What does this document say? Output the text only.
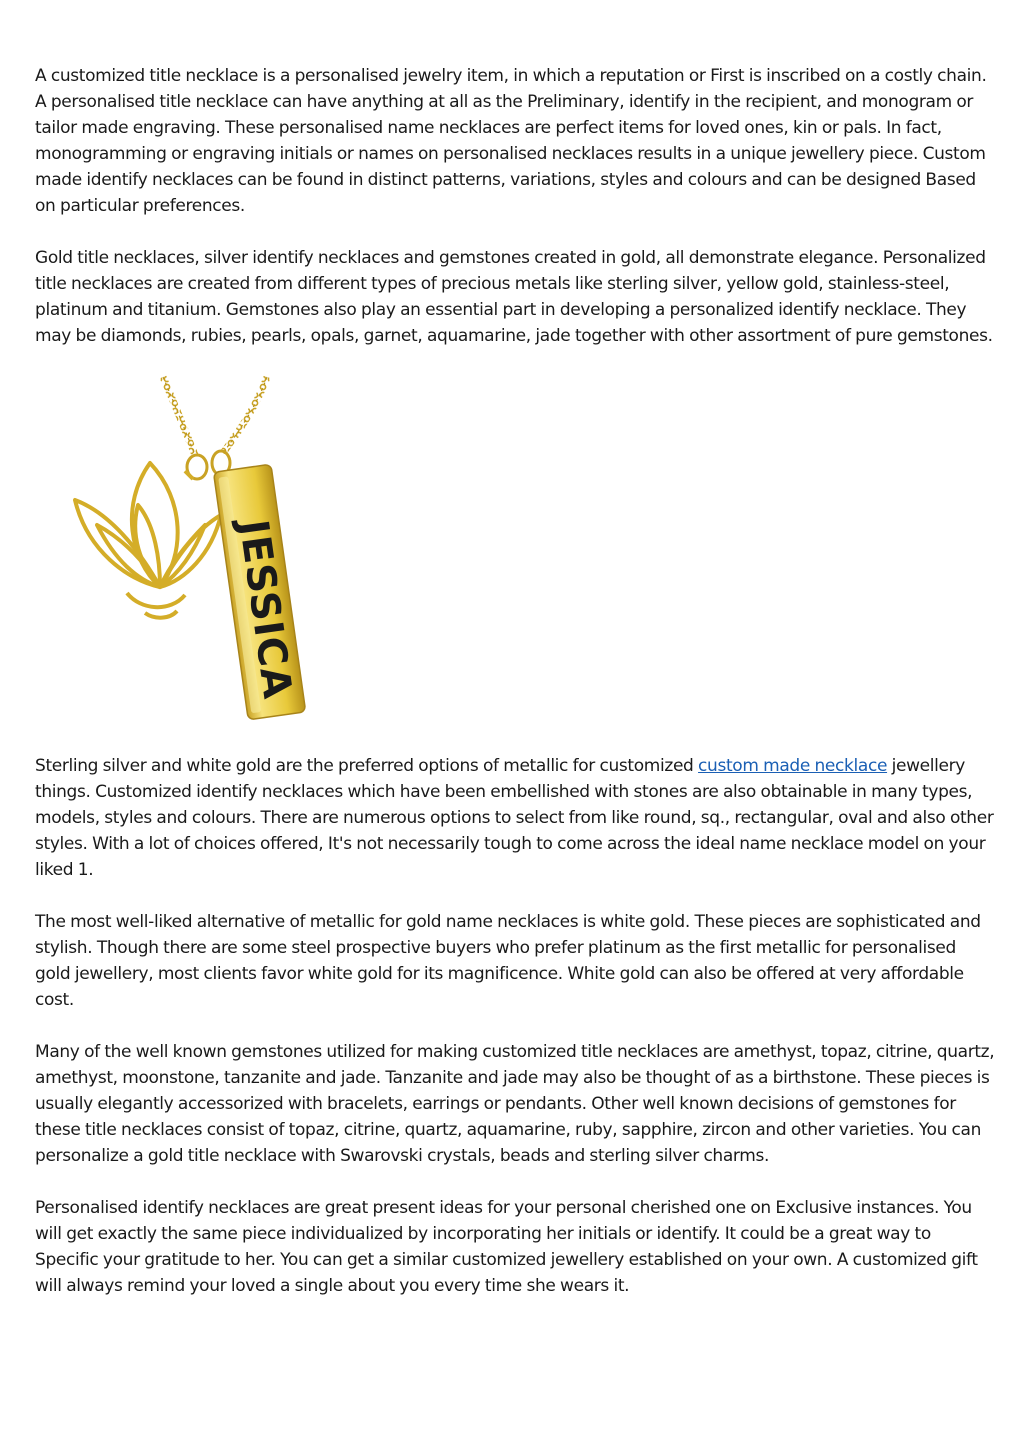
A customized title necklace is a personalised jewelry item, in which a reputation or First is inscribed on a costly chain. A personalised title necklace can have anything at all as the Preliminary, identify in the recipient, and monogram or tailor made engraving. These personalised name necklaces are perfect items for loved ones, kin or pals. In fact, monogramming or engraving initials or names on personalised necklaces results in a unique jewellery piece. Custom made identify necklaces can be found in distinct patterns, variations, styles and colours and can be designed Based on particular preferences.

Gold title necklaces, silver identify necklaces and gemstones created in gold, all demonstrate elegance. Personalized title necklaces are created from different types of precious metals like sterling silver, yellow gold, stainless-steel, platinum and titanium. Gemstones also play an essential part in developing a personalized identify necklace. They may be diamonds, rubies, pearls, opals, garnet, aquamarine, jade together with other assortment of pure gemstones.

JESSICA

Sterling silver and white gold are the preferred options of metallic for customized custom made necklace jewellery things. Customized identify necklaces which have been embellished with stones are also obtainable in many types, models, styles and colours. There are numerous options to select from like round, sq., rectangular, oval and also other styles. With a lot of choices offered, It's not necessarily tough to come across the ideal name necklace model on your liked 1.

The most well-liked alternative of metallic for gold name necklaces is white gold. These pieces are sophisticated and stylish. Though there are some steel prospective buyers who prefer platinum as the first metallic for personalised gold jewellery, most clients favor white gold for its magnificence. White gold can also be offered at very affordable cost.

Many of the well known gemstones utilized for making customized title necklaces are amethyst, topaz, citrine, quartz, amethyst, moonstone, tanzanite and jade. Tanzanite and jade may also be thought of as a birthstone. These pieces is usually elegantly accessorized with bracelets, earrings or pendants. Other well known decisions of gemstones for these title necklaces consist of topaz, citrine, quartz, aquamarine, ruby, sapphire, zircon and other varieties. You can personalize a gold title necklace with Swarovski crystals, beads and sterling silver charms.

Personalised identify necklaces are great present ideas for your personal cherished one on Exclusive instances. You will get exactly the same piece individualized by incorporating her initials or identify. It could be a great way to Specific your gratitude to her. You can get a similar customized jewellery established on your own. A customized gift will always remind your loved a single about you every time she wears it.
